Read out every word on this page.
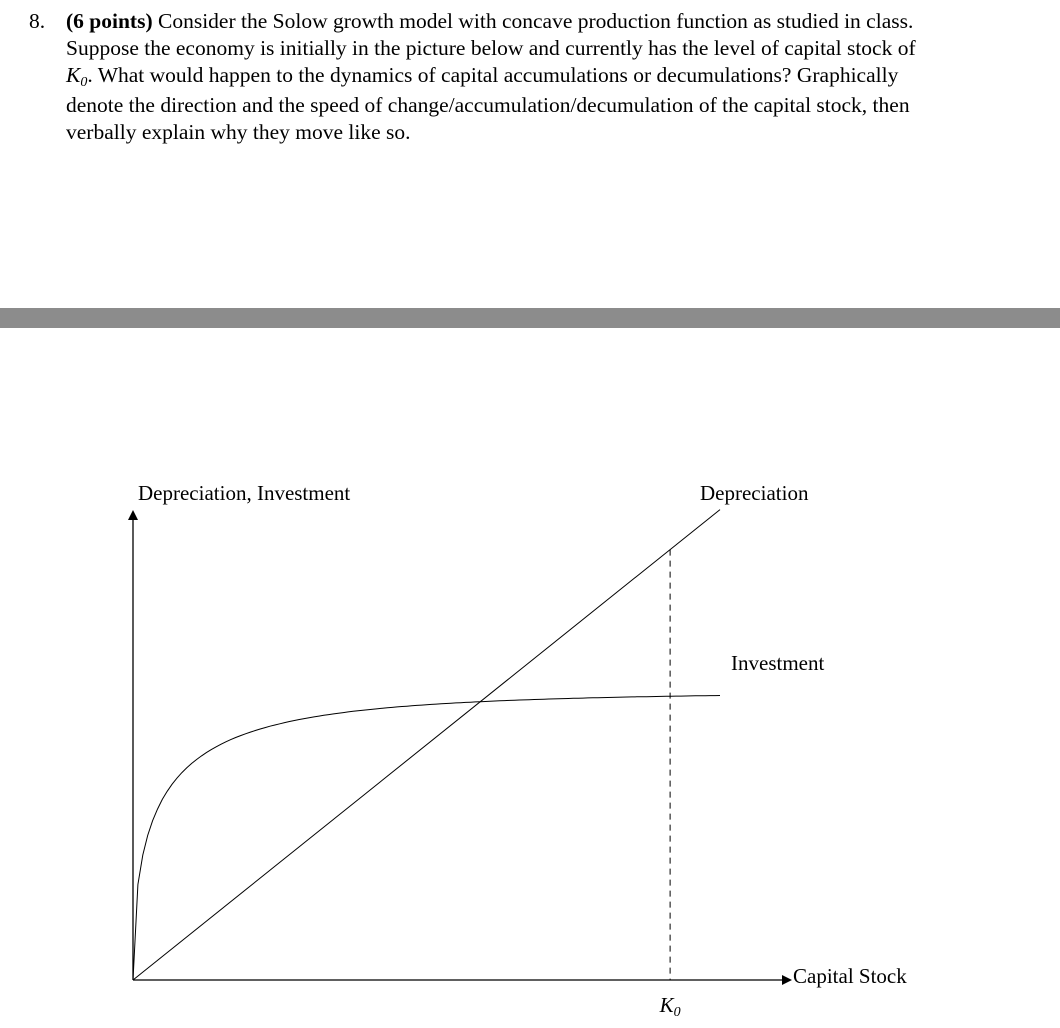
8. (6 points) Consider the Solow growth model with concave production function as studied in class.
Suppose the economy is initially in the picture below and currently has the level of capital stock of
K0. What would happen to the dynamics of capital accumulations or decumulations? Graphically
denote the direction and the speed of change/accumulation/decumulation of the capital stock, then
verbally explain why they move like so.
Depreciation, Investment
Capital Stock
Depreciation
Investment
K0
